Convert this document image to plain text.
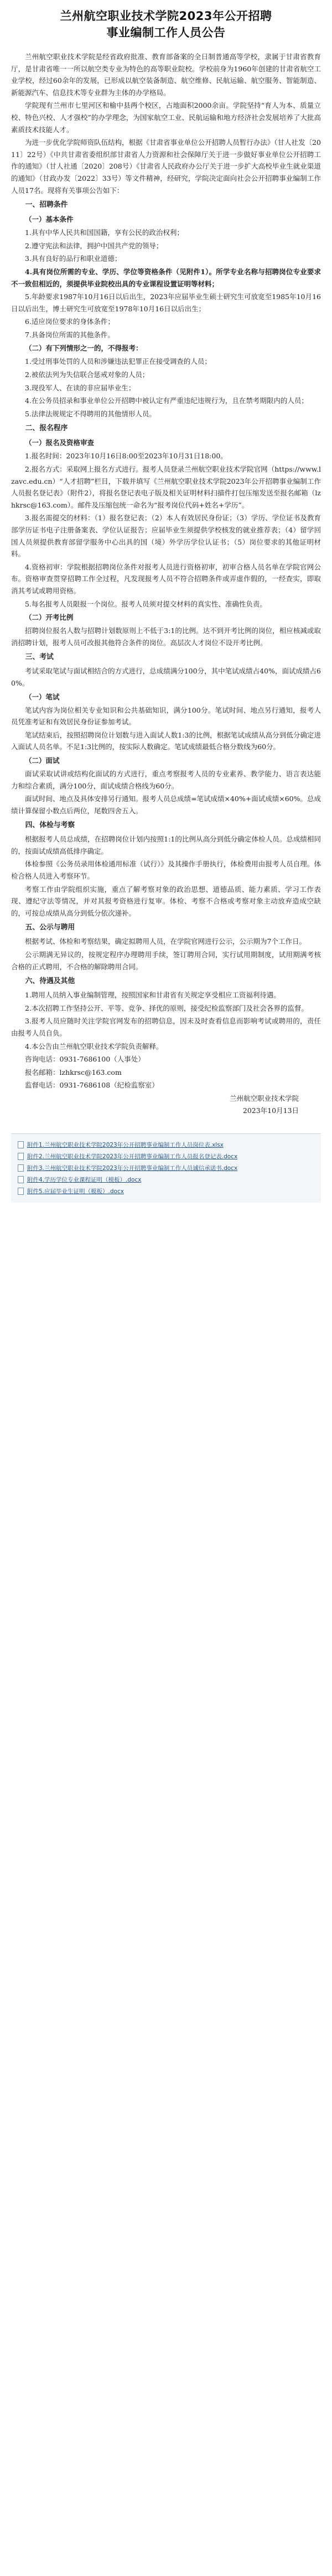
兰州航空职业技术学院2023年公开招聘
事业编制工作人员公告
兰州航空职业技术学院是经省政府批准、教育部备案的全日制普通高等学校，隶属于甘肃省教育厅，是甘肃省唯一一所以航空类专业为特色的高等职业院校。学校前身为1960年创建的甘肃省航空工业学校，经过60余年的发展，已形成以航空装备制造、航空维修、民航运输、航空服务、智能制造、新能源汽车、信息技术等专业群为主体的办学格局。
学院现有兰州市七里河区和榆中县两个校区，占地面积2000余亩。学院坚持“育人为本、质量立校、特色兴校、人才强校”的办学理念，为国家航空工业、民航运输和地方经济社会发展培养了大批高素质技术技能人才。
为进一步优化学院师资队伍结构，根据《甘肃省事业单位公开招聘人员暂行办法》（甘人社发〔2011〕22号）《中共甘肃省委组织部甘肃省人力资源和社会保障厅关于进一步做好事业单位公开招聘工作的通知》（甘人社通〔2020〕208号）《甘肃省人民政府办公厅关于进一步扩大高校毕业生就业渠道的通知》（甘政办发〔2022〕33号）等文件精神，经研究，学院决定面向社会公开招聘事业编制工作人员17名。现将有关事项公告如下：
一、招聘条件
（一）基本条件
1.具有中华人民共和国国籍，享有公民的政治权利；
2.遵守宪法和法律，拥护中国共产党的领导；
3.具有良好的品行和职业道德；
4.具有岗位所需的专业、学历、学位等资格条件（见附件1）。所学专业名称与招聘岗位专业要求不一致但相近的，须提供毕业院校出具的专业课程设置证明等材料；
5.年龄要求1987年10月16日以后出生，2023年应届毕业生硕士研究生可放宽至1985年10月16日以后出生，博士研究生可放宽至1978年10月16日以后出生；
6.适应岗位要求的身体条件；
7.具备岗位所需的其他条件。
（二）有下列情形之一的，不得报考：
1.受过刑事处罚的人员和涉嫌违法犯罪正在接受调查的人员；
2.被依法列为失信联合惩戒对象的人员；
3.现役军人、在读的非应届毕业生；
4.在公务员招录和事业单位公开招聘中被认定有严重违纪违规行为，且在禁考期限内的人员；
5.法律法规规定不得聘用的其他情形人员。
二、报名程序
（一）报名及资格审查
1.报名时间：2023年10月16日8:00至2023年10月31日18:00。
2.报名方式：采取网上报名方式进行。报考人员登录兰州航空职业技术学院官网（https://www.lzavc.edu.cn）“人才招聘”栏目，下载并填写《兰州航空职业技术学院2023年公开招聘事业编制工作人员报名登记表》（附件2），将报名登记表电子版及相关证明材料扫描件打包压缩发送至报名邮箱（lzhkrsc@163.com）。邮件及压缩包统一命名为“报考岗位代码+姓名+学历”。
3.报名需提交的材料：（1）报名登记表；（2）本人有效居民身份证；（3）学历、学位证书及教育部学历证书电子注册备案表、学位认证报告；应届毕业生须提供学校核发的就业推荐表；（4）留学回国人员须提供教育部留学服务中心出具的国（境）外学历学位认证书；（5）岗位要求的其他证明材料。
4.资格初审：学院根据招聘岗位条件对报考人员进行资格初审，初审合格人员名单在学院官网公布。资格审查贯穿招聘工作全过程，凡发现报考人员不符合招聘条件或弄虚作假的，一经查实，即取消其考试或聘用资格。
5.每名报考人员限报一个岗位。报考人员须对提交材料的真实性、准确性负责。
（二）开考比例
招聘岗位报名人数与招聘计划数原则上不低于3:1的比例。达不到开考比例的岗位，相应核减或取消招聘计划，报考人员可改报其他符合条件的岗位。高层次人才岗位不设开考比例。
三、考试
考试采取笔试与面试相结合的方式进行，总成绩满分100分，其中笔试成绩占40%，面试成绩占60%。
（一）笔试
笔试内容为岗位相关专业知识和公共基础知识，满分100分。笔试时间、地点另行通知，报考人员凭准考证和有效居民身份证参加考试。
笔试结束后，按照招聘岗位计划数与进入面试人数1:3的比例，根据笔试成绩从高分到低分确定进入面试人员名单。不足1:3比例的，按实际人数确定。笔试成绩最低合格分数线为60分。
（二）面试
面试采取试讲或结构化面试的方式进行，重点考察报考人员的专业素养、教学能力、语言表达能力和综合素质，满分100分，面试成绩合格线为60分。
面试时间、地点及具体安排另行通知。报考人员总成绩=笔试成绩×40%+面试成绩×60%。总成绩计算保留小数点后两位，尾数四舍五入。
四、体检与考察
根据报考人员总成绩，在招聘岗位计划内按照1:1的比例从高分到低分确定体检人员。总成绩相同的，按面试成绩高低排序确定。
体检参照《公务员录用体检通用标准（试行）》及其操作手册执行，体检费用由报考人员自理。体检合格人员进入考察环节。
考察工作由学院组织实施，重点了解考察对象的政治思想、道德品质、能力素质、学习工作表现、遵纪守法等情况，并对其报考资格进行复审。体检、考察不合格或考察对象主动放弃造成空缺的，可按总成绩从高分到低分依次递补。
五、公示与聘用
根据考试、体检和考察结果，确定拟聘用人员，在学院官网进行公示，公示期为7个工作日。
公示期满无异议的，按规定程序办理聘用手续，签订聘用合同，实行试用期制度，试用期满考核合格的正式聘用，不合格的解除聘用合同。
六、待遇及其他
1.聘用人员纳入事业编制管理，按照国家和甘肃省有关规定享受相应工资福利待遇。
2.本次招聘工作坚持公开、平等、竞争、择优的原则，接受纪检监察部门及社会各界的监督。
3.报考人员应随时关注学院官网发布的招聘信息，因未及时查看信息而影响考试或聘用的，责任由报考人员自负。
4.本公告由兰州航空职业技术学院负责解释。
咨询电话：0931-7686100（人事处）
报名邮箱：lzhkrsc@163.com
监督电话：0931-7686108（纪检监察室）
兰州航空职业技术学院
2023年10月13日
附件1.兰州航空职业技术学院2023年公开招聘事业编制工作人员岗位表.xlsx
附件2.兰州航空职业技术学院2023年公开招聘事业编制工作人员报名登记表.docx
附件3.兰州航空职业技术学院2023年公开招聘事业编制工作人员诚信承诺书.docx
附件4.学历学位专业课程证明（模板）.docx
附件5.应届毕业生证明（模板）.docx
